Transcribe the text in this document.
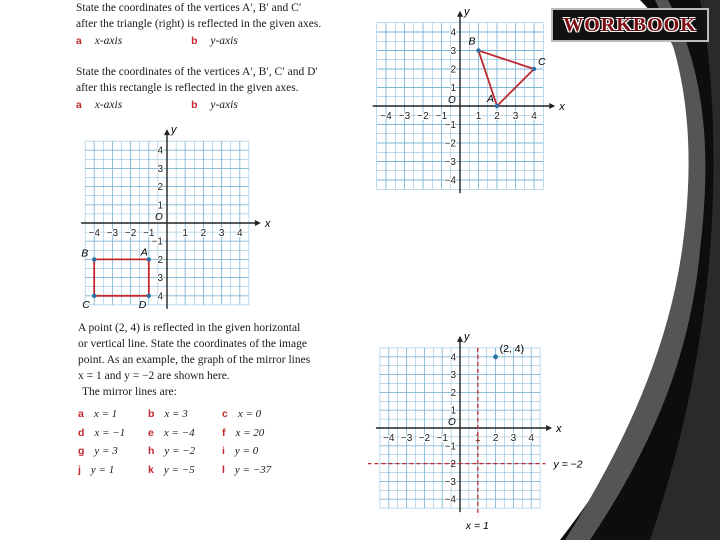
WORKBOOK
State the coordinates of the vertices A′, B′ and C′
after the triangle (right) is reflected in the given axes.
a x-axis	b y-axis
State the coordinates of the vertices A′, B′, C′ and D′
after this rectangle is reflected in the given axes.
a x-axis	b y-axis
A point (2, 4) is reflected in the given horizontal
or vertical line. State the coordinates of the image
point. As an example, the graph of the mirror lines
x = 1 and y = −2 are shown here.
The mirror lines are:
a x = 1	b x = 3	c x = 0
d x = −1 e x = −4	f x = 20
g y = 3	h y = −2	i y = 0
j y = 1	k y = −5	l y = −37
x
y
O
−4 −3 −2 −1	1 2 3 4
4
3
2
1
−1
−2
−3
−4
A
B
C
x
y
O
−4 −3 −2 −1	1 2 3 4
4
3
2
1
−1
2
3
4
A
B
C	D
x
y
O
−4 −3 −2 −1	1 2 3 4
4
3
2
1
−1
−2
−3
−4
x = 1
y = −2
(2, 4)
